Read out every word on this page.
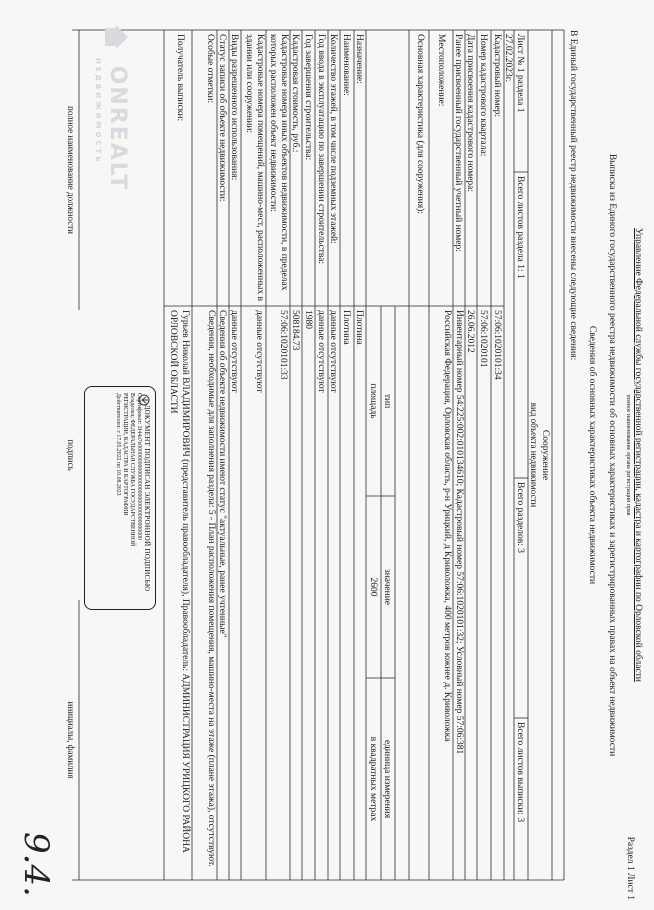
Управление Федеральной службы государственной регистрации, кадастра и картографии по Орловской области
полное наименование органа регистрации прав
Выписка из Единого государственного реестра недвижимости об основных характеристиках и зарегистрированных правах на объект недвижимости
Сведения об основных характеристиках объекта недвижимости
В Единый государственный реестр недвижимости внесены следующие сведения:
Раздел 1 Лист 1
Сооружение
вид объекта недвижимости
Лист № 1 раздела 1
Всего листов раздела 1: 1
Всего разделов: 3
Всего листов выписки: 3
27.02.2023г.
Кадастровый номер:
57:06:1020101:34
Номер кадастрового квартала:
57:06:1020101
Дата присвоения кадастрового номера:
26.06.2012
Ранее присвоенный государственный учетный номер:
Инвентарный номер 54:225:002:010134610; Кадастровый номер 57:06:1020101:32; Условный номер 57:06:381
Местоположение:
Российская Федерация, Орловская область, р-н Урицкий, д Криволожка, 400 метров южнее д. Криволожка
Основная характеристика (для сооружения):
тип
значение
единица измерения
площадь
2600
в квадратных метрах
Назначение:
Плотина
Наименование:
Плотина
Количество этажей, в том числе подземных этажей:
данные отсутствуют
Год ввода в эксплуатацию по завершении строительства:
данные отсутствуют
Год завершения строительства:
1980
Кадастровая стоимость, руб.:
508184.73
Кадастровые номера иных объектов недвижимости, в пределах которых расположен объект недвижимости:
57:06:1020101:33
Кадастровые номера помещений, машино-мест, расположенных в здании или сооружении:
данные отсутствуют
Виды разрешенного использования:
данные отсутствуют
Статус записи об объекте недвижимости:
Сведения об объекте недвижимости имеют статус "актуальные, ранее учтенные"
Особые отметки:
Сведения, необходимые для заполнения раздела: 5 - План расположения помещения, машино-места на этаже (плане этажа), отсутствуют.
Получатель выписки:
Гурьев Николай ВЛАДИМИРОВИЧ (представитель правообладателя), Правообладатель: АДМИНИСТРАЦИЯ УРИЦКОГО РАЙОНА ОРЛОВСКОЙ ОБЛАСТИ
полное наименование должности
подпись
инициалы, фамилия
ДОКУМЕНТ ПОДПИСАН ЭЛЕКТРОННОЙ ПОДПИСЬЮ
Сертификат: 3f44a7e000000000000000000000000000000000
Владелец: ФЕДЕРАЛЬНАЯ СЛУЖБА ГОСУДАРСТВЕННОЙ
РЕГИСТРАЦИИ, КАДАСТРА И КАРТОГРАФИИ
Действителен: с 17.05.2022 по 10.08.2023
ONREALT
НЕДВИЖИМОСТЬ
9.4.
